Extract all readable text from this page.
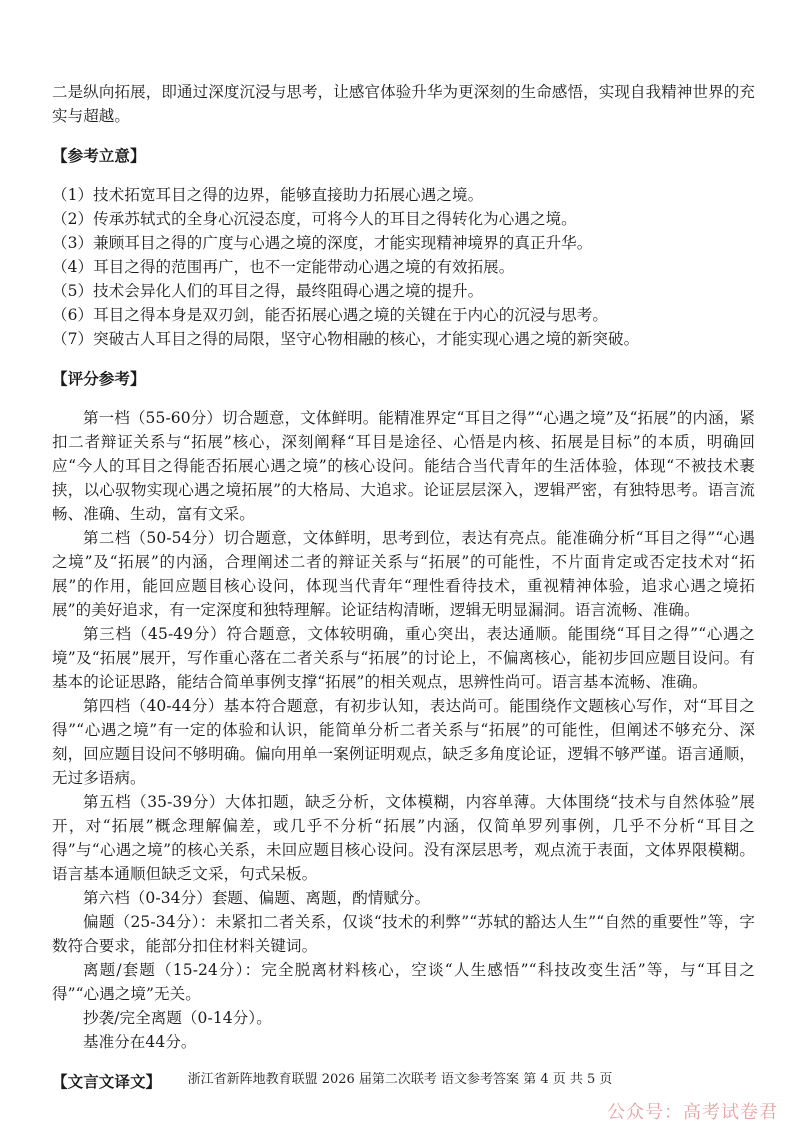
二是纵向拓展，即通过深度沉浸与思考，让感官体验升华为更深刻的生命感悟，实现自我精神世界的充实与超越。

【参考立意】

（1）技术拓宽耳目之得的边界，能够直接助力拓展心遇之境。

（2）传承苏轼式的全身心沉浸态度，可将今人的耳目之得转化为心遇之境。

（3）兼顾耳目之得的广度与心遇之境的深度，才能实现精神境界的真正升华。

（4）耳目之得的范围再广，也不一定能带动心遇之境的有效拓展。

（5）技术会异化人们的耳目之得，最终阻碍心遇之境的提升。

（6）耳目之得本身是双刃剑，能否拓展心遇之境的关键在于内心的沉浸与思考。

（7）突破古人耳目之得的局限，坚守心物相融的核心，才能实现心遇之境的新突破。

【评分参考】

第一档（55-60分）切合题意，文体鲜明。能精准界定“耳目之得”“心遇之境”及“拓展”的内涵，紧扣二者辩证关系与“拓展”核心，深刻阐释“耳目是途径、心悟是内核、拓展是目标”的本质，明确回应“今人的耳目之得能否拓展心遇之境”的核心设问。能结合当代青年的生活体验，体现“不被技术裹挟，以心驭物实现心遇之境拓展”的大格局、大追求。论证层层深入，逻辑严密，有独特思考。语言流畅、准确、生动，富有文采。

第二档（50-54分）切合题意，文体鲜明，思考到位，表达有亮点。能准确分析“耳目之得”“心遇之境”及“拓展”的内涵，合理阐述二者的辩证关系与“拓展”的可能性，不片面肯定或否定技术对“拓展”的作用，能回应题目核心设问，体现当代青年“理性看待技术，重视精神体验，追求心遇之境拓展”的美好追求，有一定深度和独特理解。论证结构清晰，逻辑无明显漏洞。语言流畅、准确。

第三档（45-49分）符合题意，文体较明确，重心突出，表达通顺。能围绕“耳目之得”“心遇之境”及“拓展”展开，写作重心落在二者关系与“拓展”的讨论上，不偏离核心，能初步回应题目设问。有基本的论证思路，能结合简单事例支撑“拓展”的相关观点，思辨性尚可。语言基本流畅、准确。

第四档（40-44分）基本符合题意，有初步认知，表达尚可。能围绕作文题核心写作，对“耳目之得”“心遇之境”有一定的体验和认识，能简单分析二者关系与“拓展”的可能性，但阐述不够充分、深刻，回应题目设问不够明确。偏向用单一案例证明观点，缺乏多角度论证，逻辑不够严谨。语言通顺，无过多语病。

第五档（35-39分）大体扣题，缺乏分析，文体模糊，内容单薄。大体围绕“技术与自然体验”展开，对“拓展”概念理解偏差，或几乎不分析“拓展”内涵，仅简单罗列事例，几乎不分析“耳目之得”与“心遇之境”的核心关系，未回应题目核心设问。没有深层思考，观点流于表面，文体界限模糊。语言基本通顺但缺乏文采，句式呆板。

第六档（0-34分）套题、偏题、离题，酌情赋分。

偏题（25-34分）：未紧扣二者关系，仅谈“技术的利弊”“苏轼的豁达人生”“自然的重要性”等，字数符合要求，能部分扣住材料关键词。

离题/套题（15-24分）：完全脱离材料核心，空谈“人生感悟”“科技改变生活”等，与“耳目之得”“心遇之境”无关。

抄袭/完全离题（0-14分）。

基准分在44分。

【文言文译文】	浙江省新阵地教育联盟 2026 届第二次联考 语文参考答案 第 4 页 共 5 页
公众号：高考试卷君
